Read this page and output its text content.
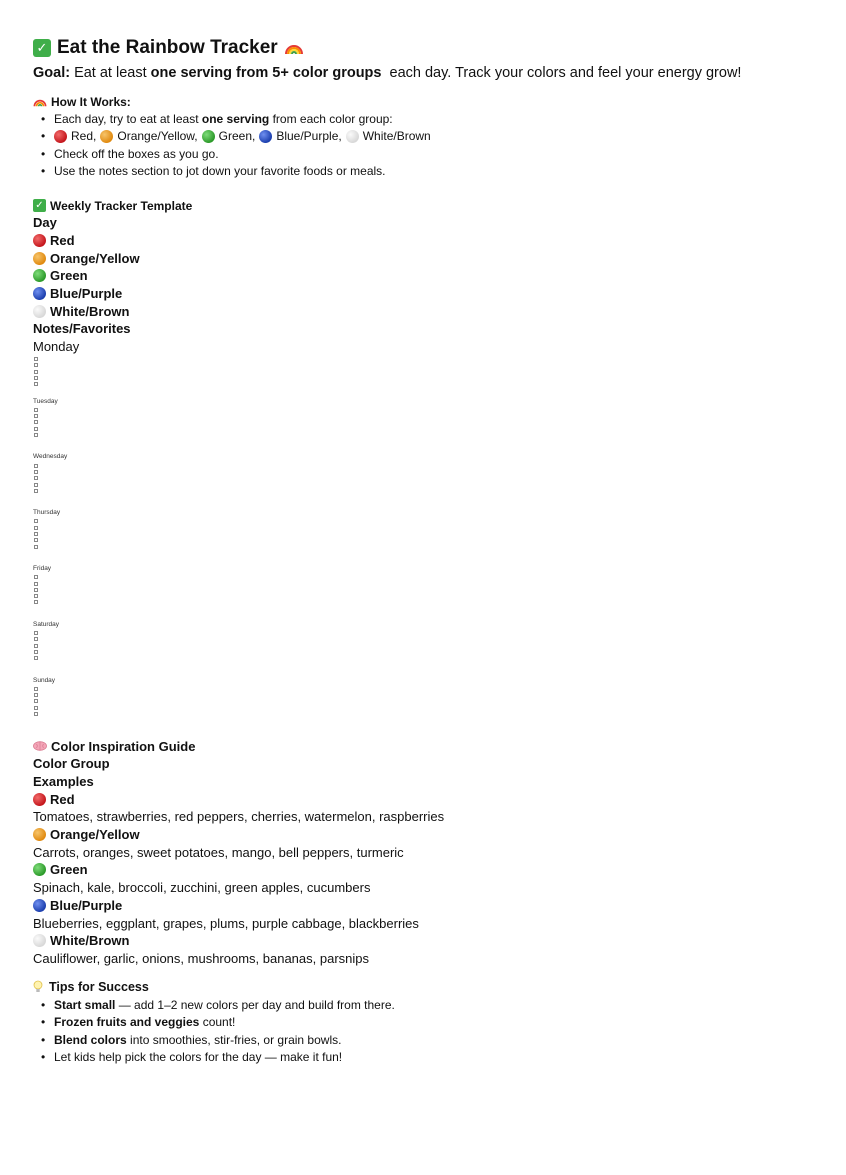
✓ Eat the Rainbow Tracker
Goal: Eat at least
one serving from 5+ color groups
each day. Track your colors and feel your energy grow!
How It Works:
• Each day, try to eat at least
one serving
from each color group:
• Red, Orange/Yellow, Green, Blue/Purple, White/Brown
• Check off the boxes as you go.
• Use the notes section to jot down your favorite foods or meals.
✓ Weekly Tracker Template
Day
Red
Orange/Yellow
Green
Blue/Purple
White/Brown
Notes/Favorites
Monday
Tuesday
Wednesday
Thursday
Friday
Saturday
Sunday
Color Inspiration Guide
Color Group
Examples
Red
Tomatoes, strawberries, red peppers, cherries, watermelon, raspberries
Orange/Yellow
Carrots, oranges, sweet potatoes, mango, bell peppers, turmeric
Green
Spinach, kale, broccoli, zucchini, green apples, cucumbers
Blue/Purple
Blueberries, eggplant, grapes, plums, purple cabbage, blackberries
White/Brown
Cauliflower, garlic, onions, mushrooms, bananas, parsnips
Tips for Success
• Start small
— add 1–2 new colors per day and build from there.
• Frozen fruits and veggies
count!
• Blend colors
into smoothies, stir-fries, or grain bowls.
• Let kids help pick the colors for the day — make it fun!
